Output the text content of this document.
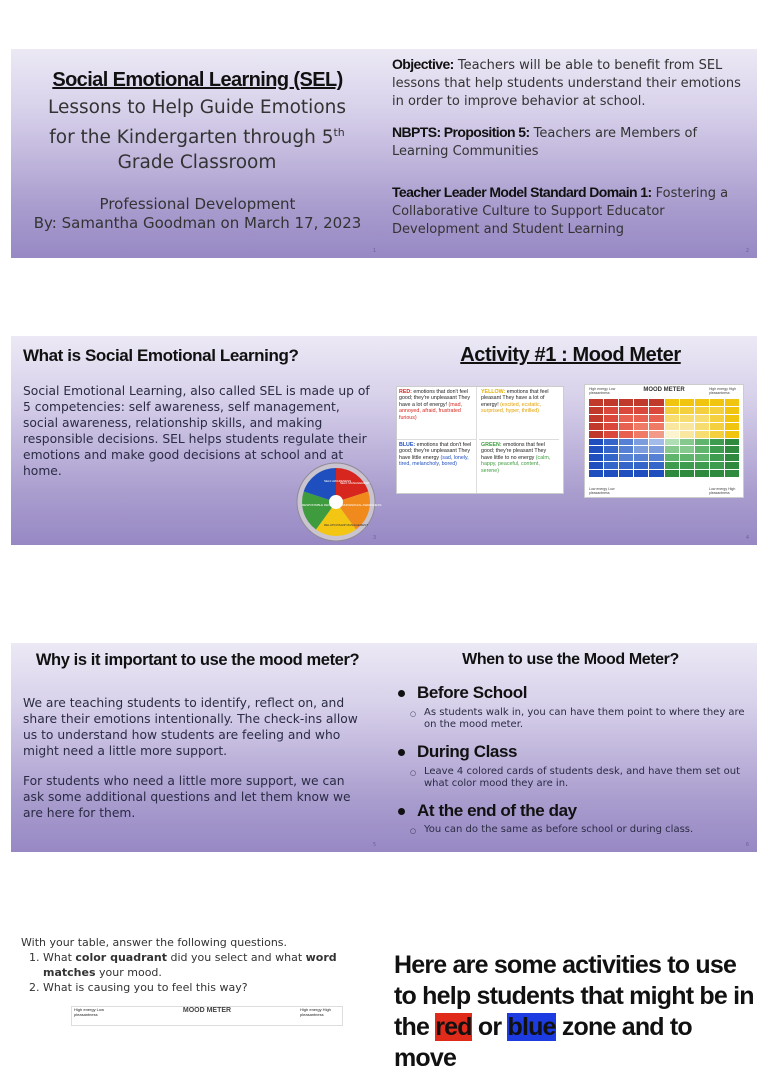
Social Emotional Learning (SEL)
Lessons to Help Guide Emotions
for the Kindergarten through 5th
Grade Classroom
Professional Development
By: Samantha Goodman on March 17, 2023
1
Objective: Teachers will be able to benefit from SEL lessons that help students understand their emotions in order to improve behavior at school.
NBPTS: Proposition 5: Teachers are Members of Learning Communities
Teacher Leader Model Standard Domain 1: Fostering a Collaborative Culture to Support Educator Development and Student Learning
2
What is Social Emotional Learning?
Social Emotional Learning, also called SEL is made up of 5 competencies: self awareness, self management, social awareness, relationship skills, and making responsible decisions. SEL helps students regulate their emotions and make good decisions at school and at home.
SELF AWARENESS
SELF MANAGEMENT
SOCIAL AWARENESS
RELATIONSHIP MANAGEMENT
RESPONSIBLE DECISION MAKING
3
Activity #1 : Mood Meter
RED: emotions that don't feel good; they're unpleasant They have a lot of energy! (mad, annoyed, afraid, frustrated furious)
YELLOW: emotions that feel pleasant They have a lot of energy! (excited, ecstatic, surprised, hyper, thrilled)
BLUE: emotions that don't feel good; they're unpleasant They have little energy (sad, lonely, tired, melancholy, bored)
GREEN: emotions that feel good; they're pleasant They have little to no energy (calm, happy, peaceful, content, serene)
High energy Low pleasantness	MOOD METER	High energy High pleasantness
Low energy Low pleasantness
Low energy High pleasantness
4
Why is it important to use the mood meter?
We are teaching students to identify, reflect on, and share their emotions intentionally. The check-ins allow us to understand how students are feeling and who might need a little more support.
For students who need a little more support, we can ask some additional questions and let them know we are here for them.
5
When to use the Mood Meter?
Before School
○ As students walk in, you can have them point to where they are on the mood meter.
During Class
○ Leave 4 colored cards of students desk, and have them set out what color mood they are in.
At the end of the day
○ You can do the same as before school or during class.
6
With your table, answer the following questions.
1. What color quadrant did you select and what word matches your mood.
2. What is causing you to feel this way?
High energy Low pleasantness	MOOD METER	High energy High pleasantness
Here are some activities to use to help students that might be in the red or blue zone and to move
